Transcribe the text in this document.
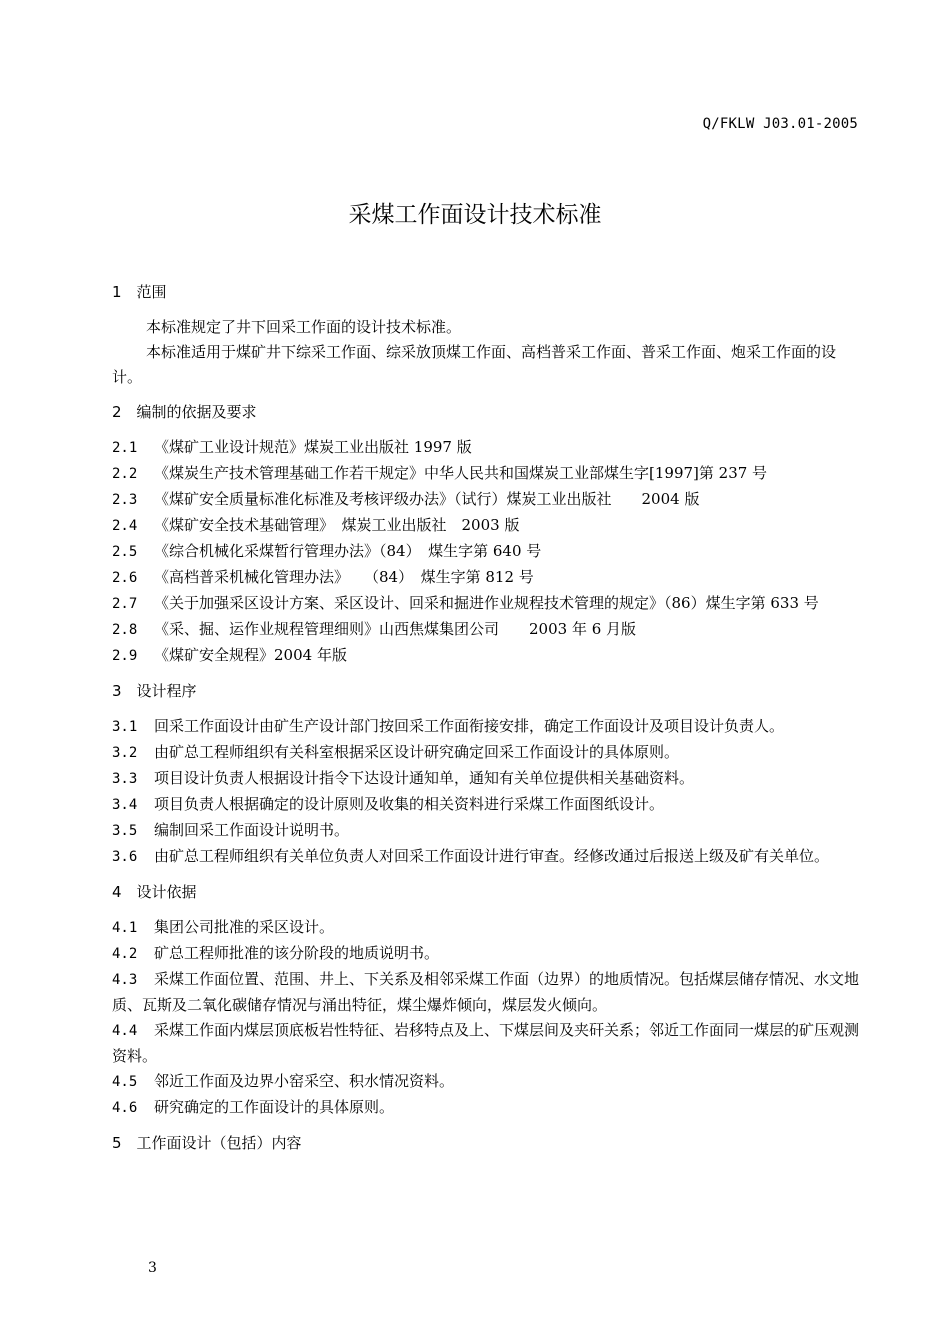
Q/FKLW J03.01-2005
采煤工作面设计技术标准

1　范围

本标准规定了井下回采工作面的设计技术标准。

本标准适用于煤矿井下综采工作面、综采放顶煤工作面、高档普采工作面、普采工作面、炮采工作面的设计。

2　编制的依据及要求

2.1 《煤矿工业设计规范》煤炭工业出版社 1997 版

2.2 《煤炭生产技术管理基础工作若干规定》中华人民共和国煤炭工业部煤生字[1997]第 237 号

2.3 《煤矿安全质量标准化标准及考核评级办法》（试行）煤炭工业出版社　　2004 版

2.4 《煤矿安全技术基础管理》　煤炭工业出版社　2003 版

2.5 《综合机械化采煤暂行管理办法》（84）　煤生字第 640 号

2.6 《高档普采机械化管理办法》　　（84）　煤生字第 812 号

2.7 《关于加强采区设计方案、采区设计、回采和掘进作业规程技术管理的规定》（86）煤生字第 633 号

2.8 《采、掘、运作业规程管理细则》山西焦煤集团公司　　2003 年 6 月版

2.9 《煤矿安全规程》2004 年版

3　设计程序

3.1 回采工作面设计由矿生产设计部门按回采工作面衔接安排，确定工作面设计及项目设计负责人。

3.2 由矿总工程师组织有关科室根据采区设计研究确定回采工作面设计的具体原则。

3.3 项目设计负责人根据设计指令下达设计通知单，通知有关单位提供相关基础资料。

3.4 项目负责人根据确定的设计原则及收集的相关资料进行采煤工作面图纸设计。

3.5 编制回采工作面设计说明书。

3.6 由矿总工程师组织有关单位负责人对回采工作面设计进行审查。经修改通过后报送上级及矿有关单位。

4　设计依据

4.1 集团公司批准的采区设计。

4.2 矿总工程师批准的该分阶段的地质说明书。

4.3 采煤工作面位置、范围、井上、下关系及相邻采煤工作面（边界）的地质情况。包括煤层储存情况、水文地质、瓦斯及二氧化碳储存情况与涌出特征，煤尘爆炸倾向，煤层发火倾向。

4.4 采煤工作面内煤层顶底板岩性特征、岩移特点及上、下煤层间及夹矸关系；邻近工作面同一煤层的矿压观测资料。

4.5 邻近工作面及边界小窑采空、积水情况资料。

4.6 研究确定的工作面设计的具体原则。

5　工作面设计（包括）内容

3
